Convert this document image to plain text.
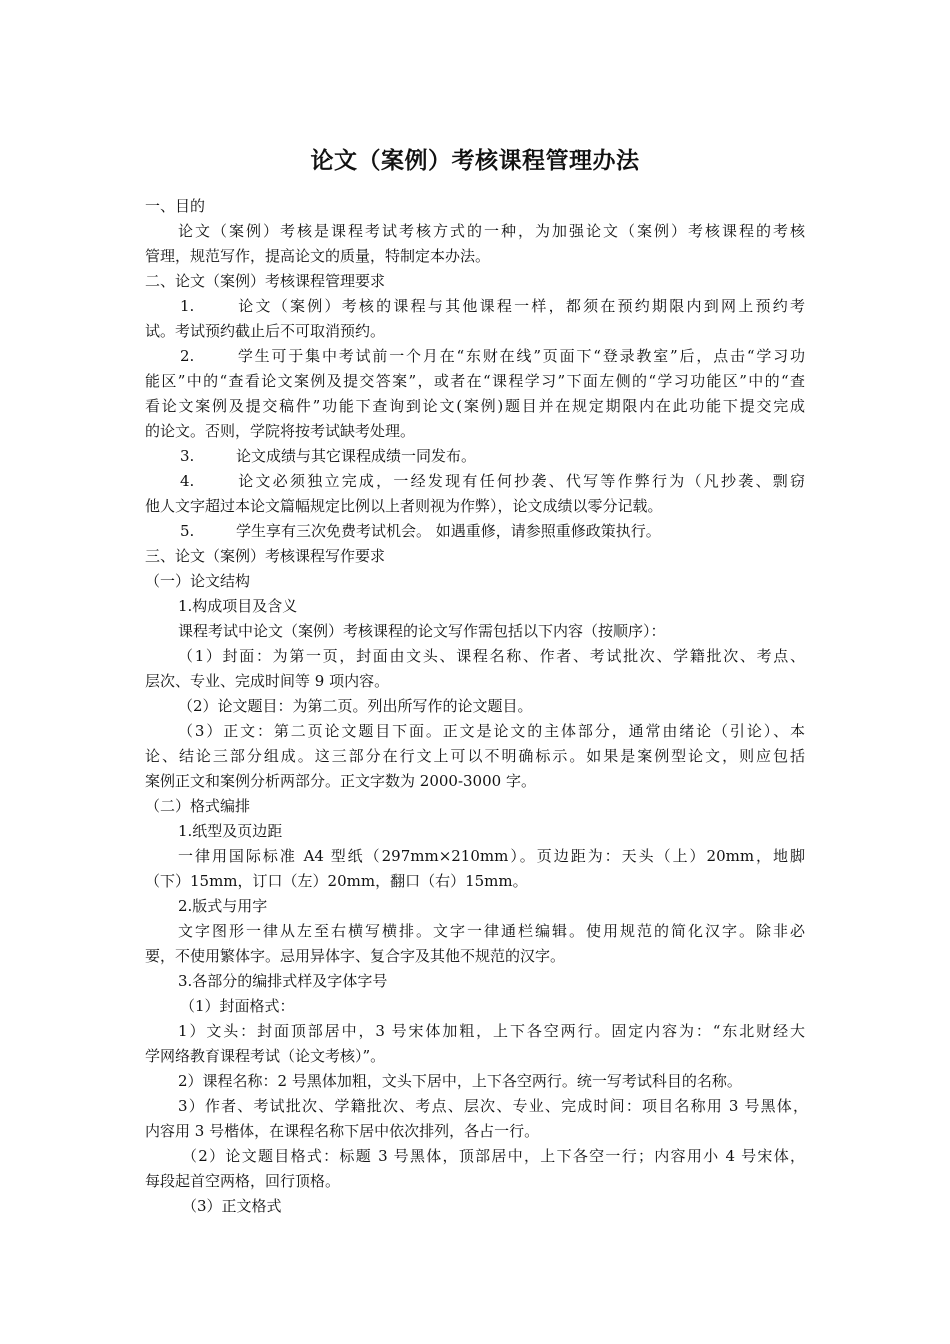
论文（案例）考核课程管理办法
一、目的
论文（案例）考核是课程考试考核方式的一种，为加强论文（案例）考核课程的考核
管理，规范写作，提高论文的质量，特制定本办法。
二、论文（案例）考核课程管理要求
1.	论文（案例）考核的课程与其他课程一样，都须在预约期限内到网上预约考
试。考试预约截止后不可取消预约。
2.	学生可于集中考试前一个月在“东财在线”页面下“登录教室”后，点击“学习功
能区”中的“查看论文案例及提交答案”，或者在“课程学习”下面左侧的“学习功能区”中的“查
看论文案例及提交稿件”功能下查询到论文(案例)题目并在规定期限内在此功能下提交完成
的论文。否则，学院将按考试缺考处理。
3.	论文成绩与其它课程成绩一同发布。
4.	论文必须独立完成，一经发现有任何抄袭、代写等作弊行为（凡抄袭、剽窃
他人文字超过本论文篇幅规定比例以上者则视为作弊），论文成绩以零分记载。
5.	学生享有三次免费考试机会。 如遇重修，请参照重修政策执行。
三、论文（案例）考核课程写作要求
（一）论文结构
1.构成项目及含义
课程考试中论文（案例）考核课程的论文写作需包括以下内容（按顺序）：
（1）封面：为第一页，封面由文头、课程名称、作者、考试批次、学籍批次、考点、
层次、专业、完成时间等 9 项内容。
（2）论文题目：为第二页。列出所写作的论文题目。
（3）正文：第二页论文题目下面。正文是论文的主体部分，通常由绪论（引论）、本
论、结论三部分组成。这三部分在行文上可以不明确标示。如果是案例型论文，则应包括
案例正文和案例分析两部分。正文字数为 2000-3000 字。
（二）格式编排
1.纸型及页边距
一律用国际标准 A4 型纸（297mm×210mm）。页边距为：天头（上）20mm，地脚
（下）15mm，订口（左）20mm，翻口（右）15mm。
2.版式与用字
文字图形一律从左至右横写横排。文字一律通栏编辑。使用规范的简化汉字。除非必
要，不使用繁体字。忌用异体字、复合字及其他不规范的汉字。
3.各部分的编排式样及字体字号
（1）封面格式：
1）文头：封面顶部居中，3 号宋体加粗，上下各空两行。固定内容为：“东北财经大
学网络教育课程考试（论文考核）”。
2）课程名称：2 号黑体加粗，文头下居中，上下各空两行。统一写考试科目的名称。
3）作者、考试批次、学籍批次、考点、层次、专业、完成时间：项目名称用 3 号黑体，
内容用 3 号楷体，在课程名称下居中依次排列，各占一行。
（2）论文题目格式：标题 3 号黑体，顶部居中，上下各空一行；内容用小 4 号宋体，
每段起首空两格，回行顶格。
（3）正文格式
